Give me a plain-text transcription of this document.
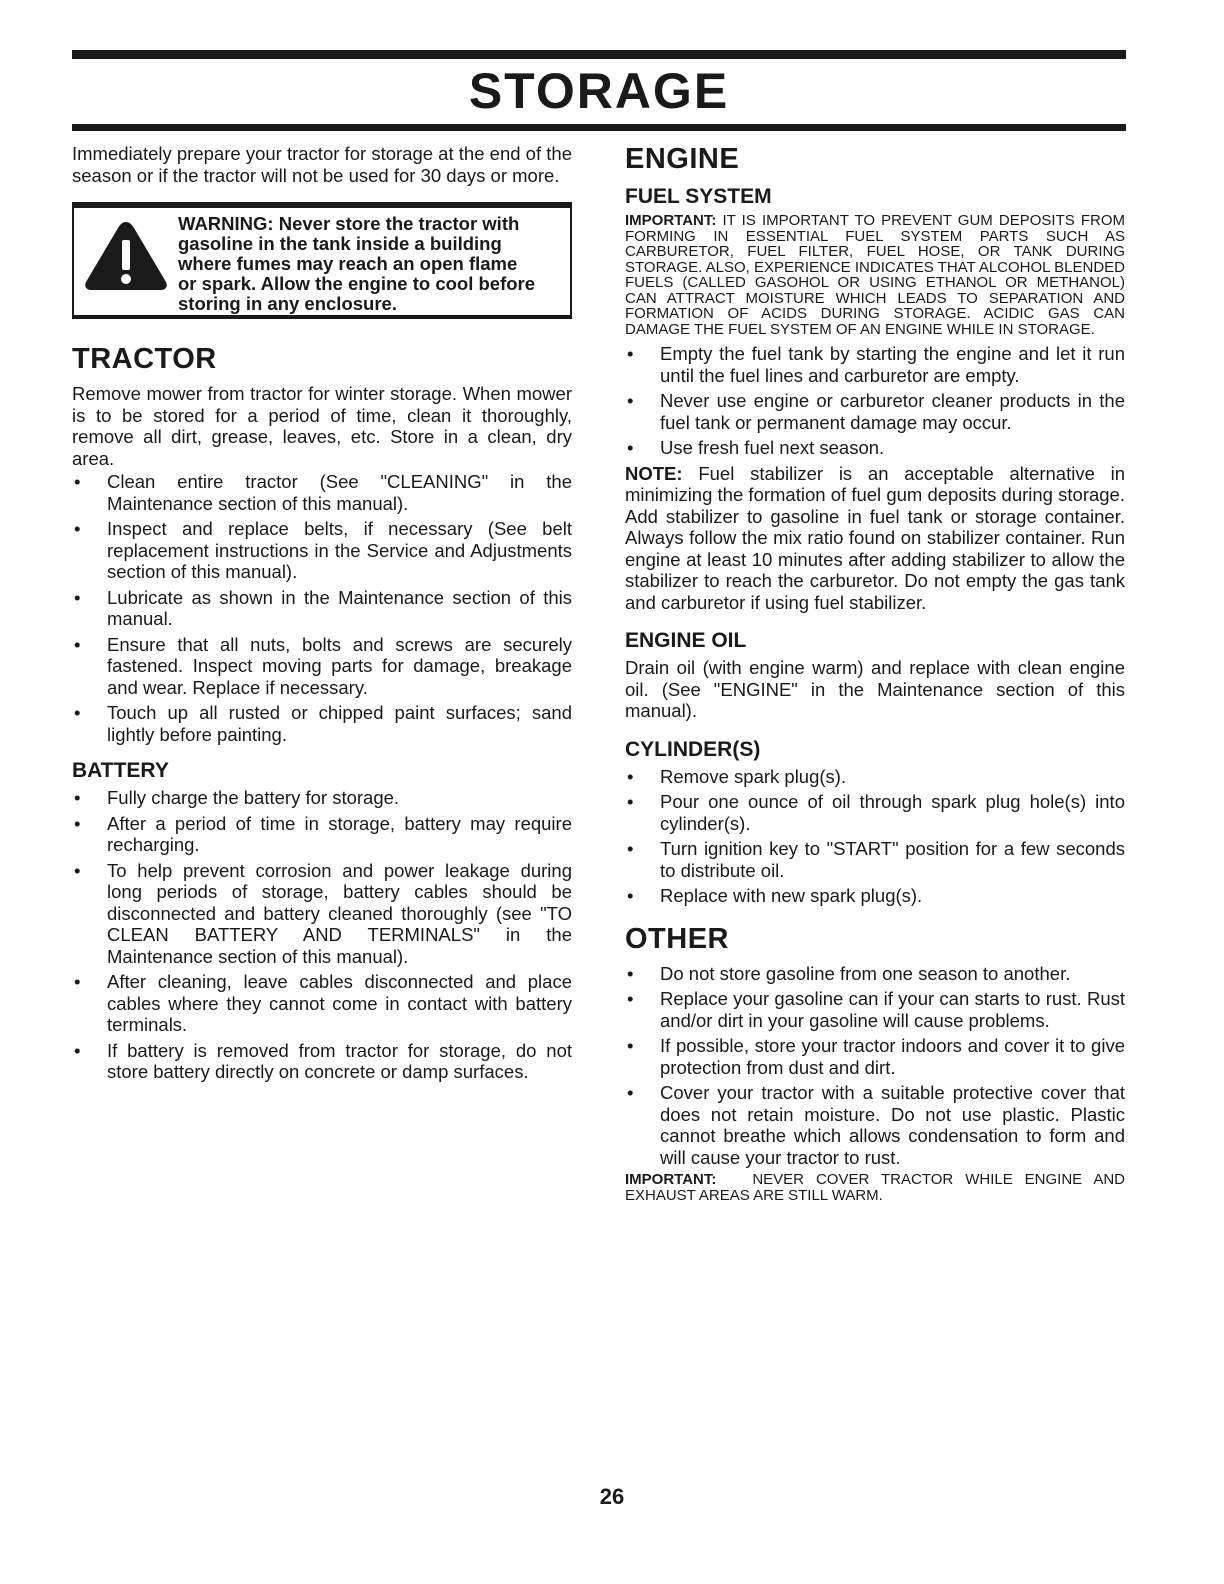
STORAGE

Immediately prepare your tractor for storage at the end of the season or if the tractor will not be used for 30 days or more.

WARNING: Never store the tractor with
gasoline in the tank inside a building
where fumes may reach an open flame
or spark. Allow the engine to cool before
storing in any enclosure.
TRACTOR

Remove mower from tractor for winter storage. When mower is to be stored for a period of time, clean it thoroughly, remove all dirt, grease, leaves, etc. Store in a clean, dry area.

• Clean entire tractor (See "CLEANING" in the Maintenance section of this manual).
• Inspect and replace belts, if necessary (See belt replacement instructions in the Service and Adjustments section of this manual).
• Lubricate as shown in the Maintenance section of this manual.
• Ensure that all nuts, bolts and screws are securely fastened. Inspect moving parts for damage, breakage and wear. Replace if necessary.
• Touch up all rusted or chipped paint surfaces; sand lightly before painting.
BATTERY
• Fully charge the battery for storage.
• After a period of time in storage, battery may require recharging.
• To help prevent corrosion and power leakage during long periods of storage, battery cables should be disconnected and battery cleaned thoroughly (see "TO CLEAN BATTERY AND TERMINALS" in the Maintenance section of this manual).
• After cleaning, leave cables disconnected and place cables where they cannot come in contact with battery terminals.
• If battery is removed from tractor for storage, do not store battery directly on concrete or damp surfaces.
ENGINE
FUEL SYSTEM

IMPORTANT: IT IS IMPORTANT TO PREVENT GUM DEPOSITS FROM FORMING IN ESSENTIAL FUEL SYSTEM PARTS SUCH AS CARBURETOR, FUEL FILTER, FUEL HOSE, OR TANK DURING STORAGE. ALSO, EXPERIENCE INDICATES THAT ALCOHOL BLENDED FUELS (CALLED GASOHOL OR USING ETHANOL OR METHANOL) CAN ATTRACT MOISTURE WHICH LEADS TO SEPARATION AND FORMATION OF ACIDS DURING STORAGE. ACIDIC GAS CAN DAMAGE THE FUEL SYSTEM OF AN ENGINE WHILE IN STORAGE.

• Empty the fuel tank by starting the engine and let it run until the fuel lines and carburetor are empty.
• Never use engine or carburetor cleaner products in the fuel tank or permanent damage may occur.
• Use fresh fuel next season.

NOTE: Fuel stabilizer is an acceptable alternative in minimizing the formation of fuel gum deposits during storage. Add stabilizer to gasoline in fuel tank or storage container. Always follow the mix ratio found on stabilizer container. Run engine at least 10 minutes after adding stabilizer to allow the stabilizer to reach the carburetor. Do not empty the gas tank and carburetor if using fuel stabilizer.

ENGINE OIL

Drain oil (with engine warm) and replace with clean engine oil. (See "ENGINE" in the Maintenance section of this manual).

CYLINDER(S)
• Remove spark plug(s).
• Pour one ounce of oil through spark plug hole(s) into cylinder(s).
• Turn ignition key to "START" position for a few seconds to distribute oil.
• Replace with new spark plug(s).
OTHER
• Do not store gasoline from one season to another.
• Replace your gasoline can if your can starts to rust. Rust and/or dirt in your gasoline will cause problems.
• If possible, store your tractor indoors and cover it to give protection from dust and dirt.
• Cover your tractor with a suitable protective cover that does not retain moisture. Do not use plastic. Plastic cannot breathe which allows condensation to form and will cause your tractor to rust.

IMPORTANT: NEVER COVER TRACTOR WHILE ENGINE AND EXHAUST AREAS ARE STILL WARM.

26
